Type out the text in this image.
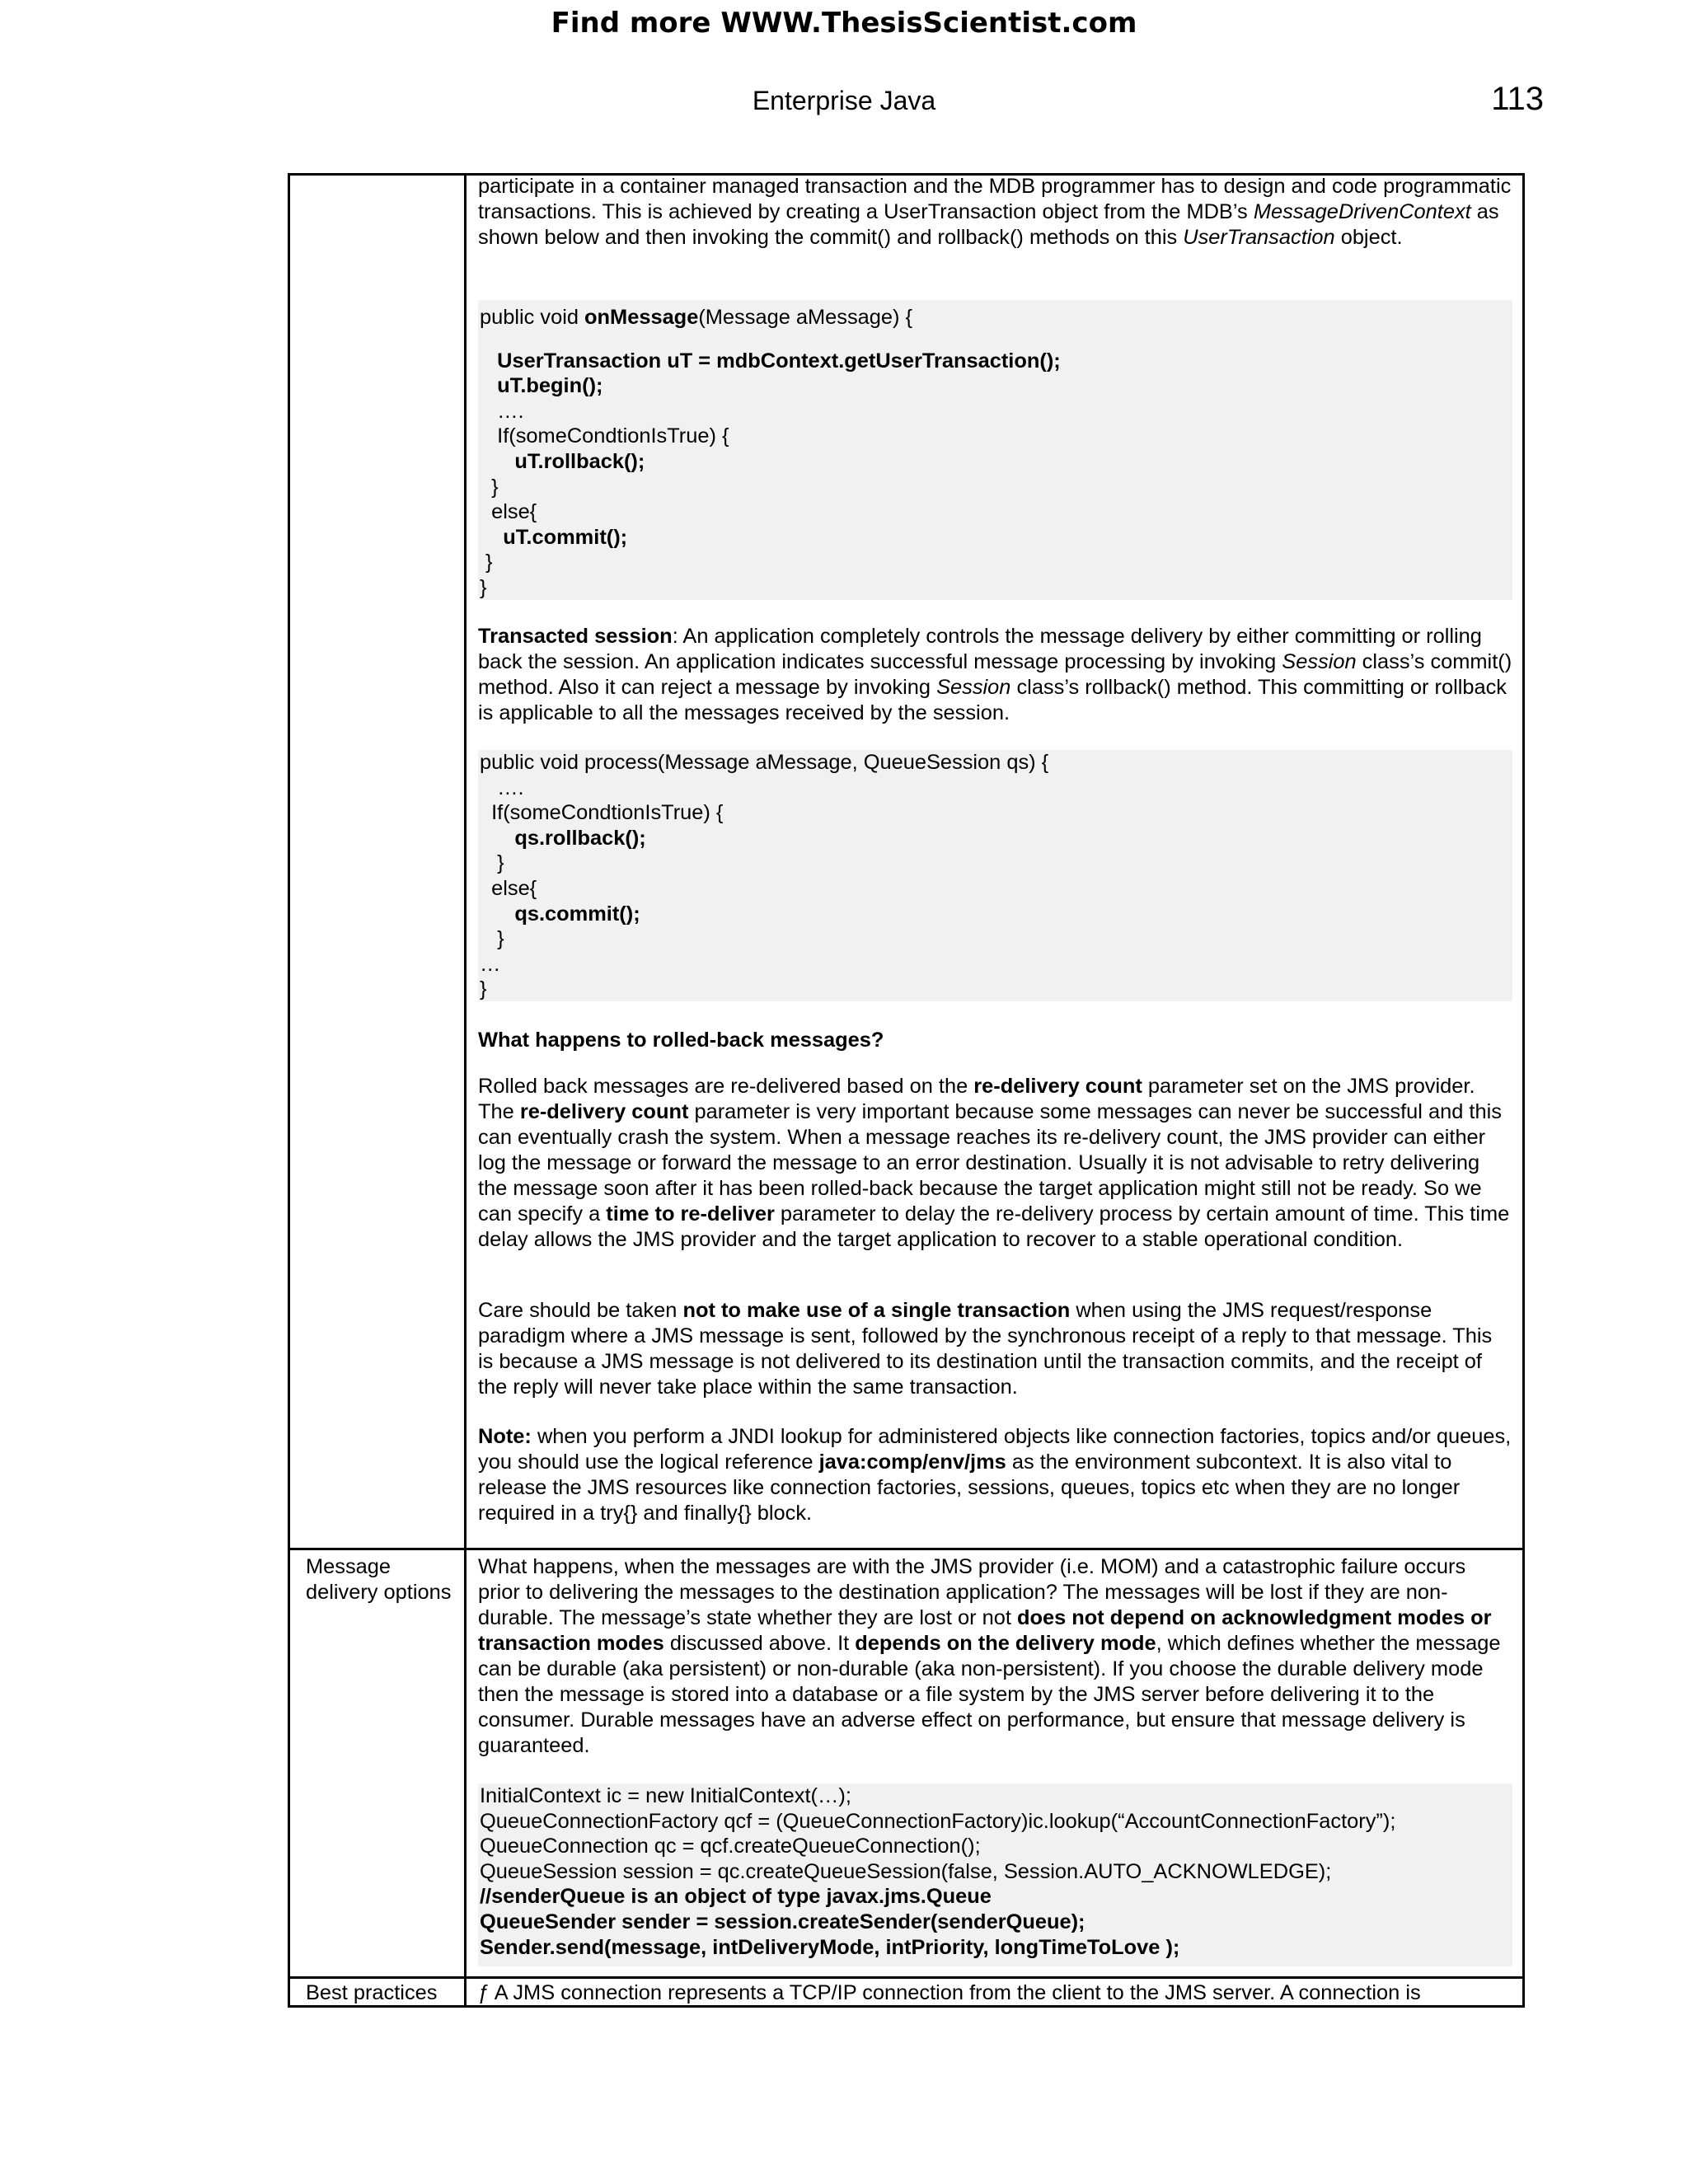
Find more WWW.ThesisScientist.com
Enterprise Java	113

participate in a container managed transaction and the MDB programmer has to design and code programmatic transactions. This is achieved by creating a UserTransaction object from the MDB’s MessageDrivenContext as shown below and then invoking the commit() and rollback() methods on this UserTransaction object.

public void onMessage(Message aMessage) {
UserTransaction uT = mdbContext.getUserTransaction();
uT.begin();
….
If(someCondtionIsTrue) {
uT.rollback();
}
else{
uT.commit();
}
}

Transacted session: An application completely controls the message delivery by either committing or rolling back the session. An application indicates successful message processing by invoking Session class’s commit() method. Also it can reject a message by invoking Session class’s rollback() method. This committing or rollback is applicable to all the messages received by the session.

public void process(Message aMessage, QueueSession qs) {
….
If(someCondtionIsTrue) {
qs.rollback();
}
else{
qs.commit();
}
…
}

What happens to rolled-back messages?

Rolled back messages are re-delivered based on the re-delivery count parameter set on the JMS provider. The re-delivery count parameter is very important because some messages can never be successful and this can eventually crash the system. When a message reaches its re-delivery count, the JMS provider can either log the message or forward the message to an error destination. Usually it is not advisable to retry delivering the message soon after it has been rolled-back because the target application might still not be ready. So we can specify a time to re-deliver parameter to delay the re-delivery process by certain amount of time. This time delay allows the JMS provider and the target application to recover to a stable operational condition.

Care should be taken not to make use of a single transaction when using the JMS request/response paradigm where a JMS message is sent, followed by the synchronous receipt of a reply to that message. This is because a JMS message is not delivered to its destination until the transaction commits, and the receipt of the reply will never take place within the same transaction.

Note: when you perform a JNDI lookup for administered objects like connection factories, topics and/or queues, you should use the logical reference java:comp/env/jms as the environment subcontext. It is also vital to release the JMS resources like connection factories, sessions, queues, topics etc when they are no longer required in a try{} and finally{} block.

Message delivery options

What happens, when the messages are with the JMS provider (i.e. MOM) and a catastrophic failure occurs prior to delivering the messages to the destination application? The messages will be lost if they are non-durable. The message’s state whether they are lost or not does not depend on acknowledgment modes or transaction modes discussed above. It depends on the delivery mode, which defines whether the message can be durable (aka persistent) or non-durable (aka non-persistent). If you choose the durable delivery mode then the message is stored into a database or a file system by the JMS server before delivering it to the consumer. Durable messages have an adverse effect on performance, but ensure that message delivery is guaranteed.

InitialContext ic = new InitialContext(…);
QueueConnectionFactory qcf = (QueueConnectionFactory)ic.lookup(“AccountConnectionFactory”);
QueueConnection qc = qcf.createQueueConnection();
QueueSession session = qc.createQueueSession(false, Session.AUTO_ACKNOWLEDGE);
//senderQueue is an object of type javax.jms.Queue
QueueSender sender = session.createSender(senderQueue);
Sender.send(message, intDeliveryMode, intPriority, longTimeToLove );
Best practices	ƒ A JMS connection represents a TCP/IP connection from the client to the JMS server. A connection is
